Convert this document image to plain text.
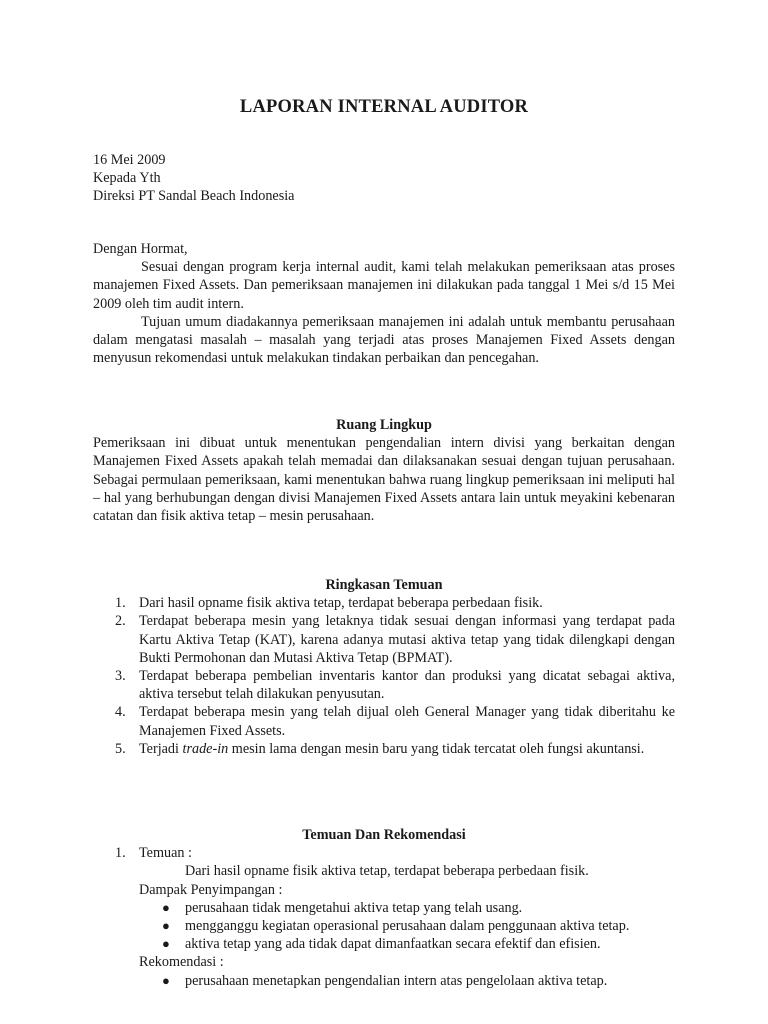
LAPORAN INTERNAL AUDITOR
16 Mei 2009
Kepada Yth
Direksi PT Sandal Beach Indonesia
Dengan Hormat,
Sesuai dengan program kerja internal audit, kami telah melakukan pemeriksaan atas proses manajemen Fixed Assets. Dan pemeriksaan manajemen ini dilakukan pada tanggal 1 Mei s/d 15 Mei 2009 oleh tim audit intern.
Tujuan umum diadakannya pemeriksaan manajemen ini adalah untuk membantu perusahaan dalam mengatasi masalah – masalah yang terjadi atas proses Manajemen Fixed Assets dengan menyusun rekomendasi untuk melakukan tindakan perbaikan dan pencegahan.
Ruang Lingkup
Pemeriksaan ini dibuat untuk menentukan pengendalian intern divisi yang berkaitan dengan Manajemen Fixed Assets apakah telah memadai dan dilaksanakan sesuai dengan tujuan perusahaan. Sebagai permulaan pemeriksaan, kami menentukan bahwa ruang lingkup pemeriksaan ini meliputi hal – hal yang berhubungan dengan divisi Manajemen Fixed Assets antara lain untuk meyakini kebenaran catatan dan fisik aktiva tetap – mesin perusahaan.
Ringkasan Temuan
1. Dari hasil opname fisik aktiva tetap, terdapat beberapa perbedaan fisik.
2. Terdapat beberapa mesin yang letaknya tidak sesuai dengan informasi yang terdapat pada Kartu Aktiva Tetap (KAT), karena adanya mutasi aktiva tetap yang tidak dilengkapi dengan Bukti Permohonan dan Mutasi Aktiva Tetap (BPMAT).
3. Terdapat beberapa pembelian inventaris kantor dan produksi yang dicatat sebagai aktiva, aktiva tersebut telah dilakukan penyusutan.
4. Terdapat beberapa mesin yang telah dijual oleh General Manager yang tidak diberitahu ke Manajemen Fixed Assets.
5. Terjadi trade-in mesin lama dengan mesin baru yang tidak tercatat oleh fungsi akuntansi.
Temuan Dan Rekomendasi
1. Temuan :
Dari hasil opname fisik aktiva tetap, terdapat beberapa perbedaan fisik.
Dampak Penyimpangan :
● perusahaan tidak mengetahui aktiva tetap yang telah usang.
● mengganggu kegiatan operasional perusahaan dalam penggunaan aktiva tetap.
● aktiva tetap yang ada tidak dapat dimanfaatkan secara efektif dan efisien.
Rekomendasi :
● perusahaan menetapkan pengendalian intern atas pengelolaan aktiva tetap.
